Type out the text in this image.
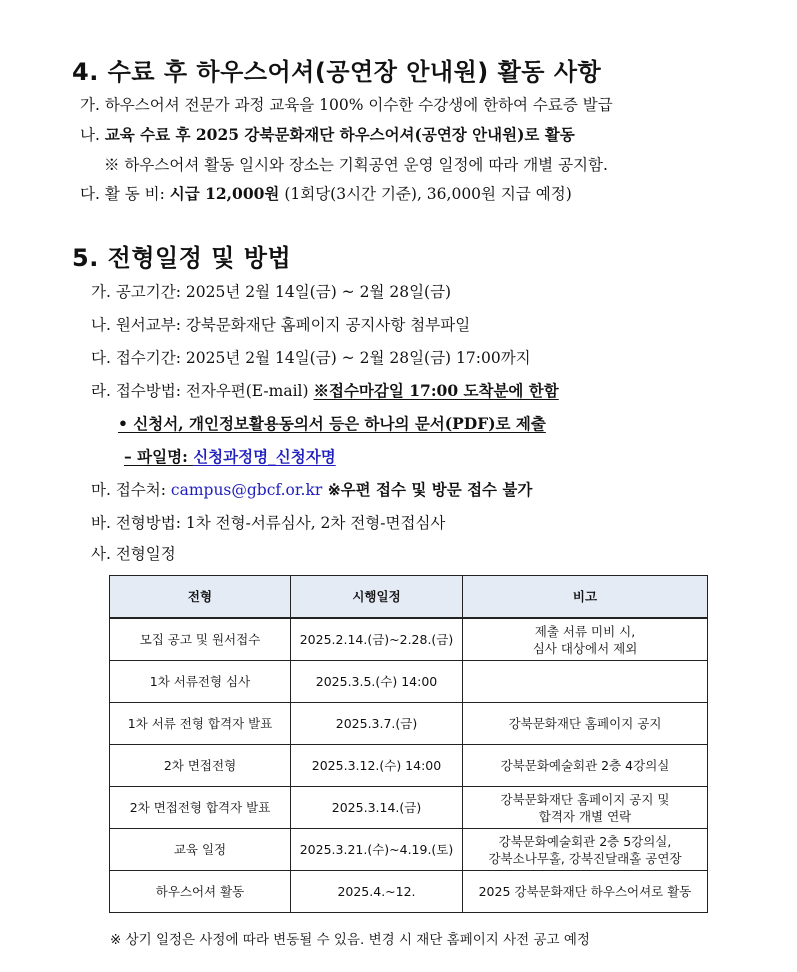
4. 수료 후 하우스어셔(공연장 안내원) 활동 사항
가. 하우스어셔 전문가 과정 교육을 100% 이수한 수강생에 한하여 수료증 발급
나. 교육 수료 후 2025 강북문화재단 하우스어셔(공연장 안내원)로 활동
※ 하우스어셔 활동 일시와 장소는 기획공연 운영 일정에 따라 개별 공지함.
다. 활 동 비: 시급 12,000원 (1회당(3시간 기준), 36,000원 지급 예정)
5. 전형일정 및 방법
가. 공고기간: 2025년 2월 14일(금) ~ 2월 28일(금)
나. 원서교부: 강북문화재단 홈페이지 공지사항 첨부파일
다. 접수기간: 2025년 2월 14일(금) ~ 2월 28일(금) 17:00까지
라. 접수방법: 전자우편(E-mail) ※접수마감일 17:00 도착분에 한함
• 신청서, 개인정보활용동의서 등은 하나의 문서(PDF)로 제출
– 파일명: 신청과정명_신청자명
마. 접수처: campus@gbcf.or.kr ※우편 접수 및 방문 접수 불가
바. 전형방법: 1차 전형-서류심사, 2차 전형-면접심사
사. 전형일정
전형	시행일정	비고
모집 공고 및 원서접수	2025.2.14.(금)~2.28.(금)	제출 서류 미비 시,
심사 대상에서 제외
1차 서류전형 심사	2025.3.5.(수) 14:00	
1차 서류 전형 합격자 발표	2025.3.7.(금)	강북문화재단 홈페이지 공지
2차 면접전형	2025.3.12.(수) 14:00	강북문화예술회관 2층 4강의실
2차 면접전형 합격자 발표	2025.3.14.(금)	강북문화재단 홈페이지 공지 및
합격자 개별 연락
교육 일정	2025.3.21.(수)~4.19.(토)	강북문화예술회관 2층 5강의실,
강북소나무홀, 강북진달래홀 공연장
하우스어셔 활동	2025.4.~12.	2025 강북문화재단 하우스어셔로 활동
※ 상기 일정은 사정에 따라 변동될 수 있음. 변경 시 재단 홈페이지 사전 공고 예정
